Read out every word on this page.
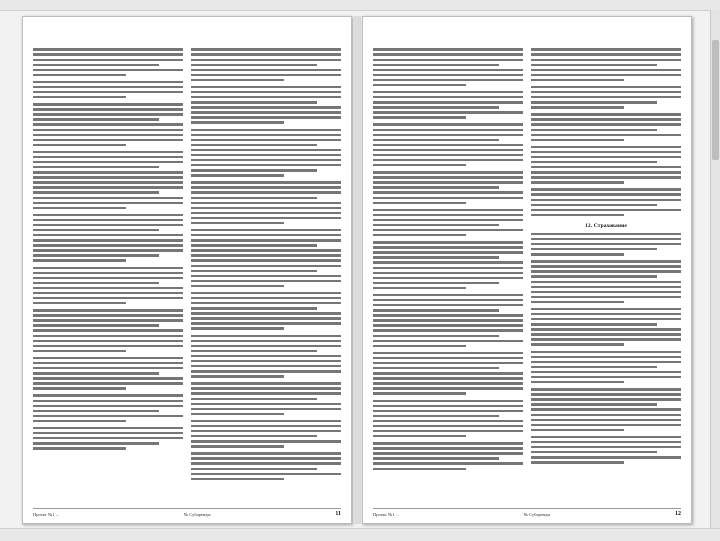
Проект №1 ...	№ Субаренды	11
12. Страхование
Проект №1 ...	№ Субаренды	12
